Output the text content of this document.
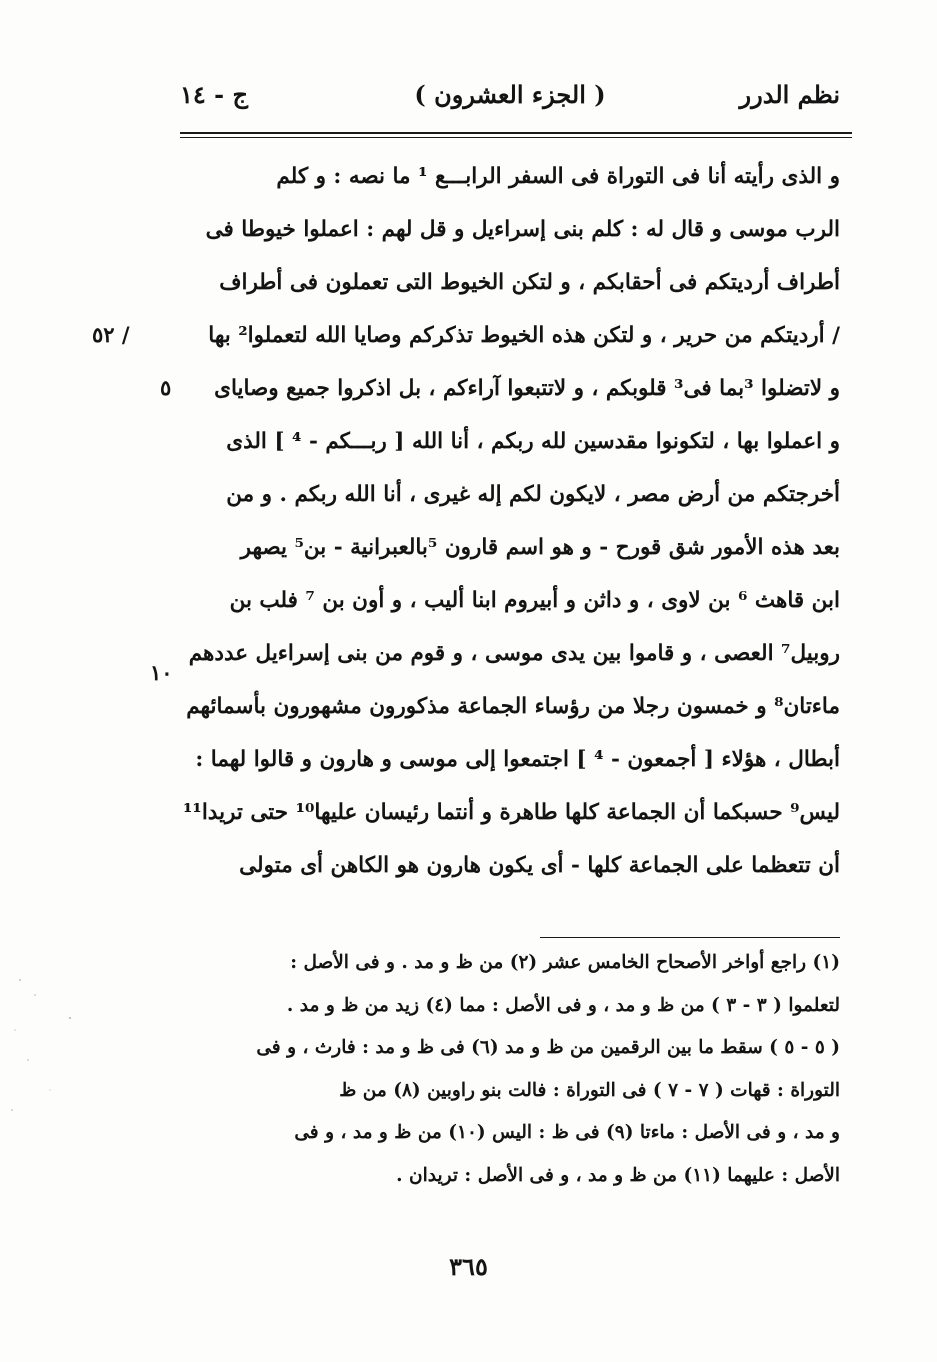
نظم الدرر
( الجزء العشرون )
ج - ١٤
و الذى رأيته أنا فى التوراة فى السفر الرابـــع ¹ ما نصه : و كلم
الرب موسى و قال له : كلم بنى إسراءيل و قل لهم : اعملوا خيوطا فى
أطراف أرديتكم فى أحقابكم ، و لتكن الخيوط التى تعملون فى أطراف
/ أرديتكم من حرير ، و لتكن هذه الخيوط تذكركم وصايا الله لتعملوا² بها
و لاتضلوا ³بما فى³ قلوبكم ، و لاتتبعوا آراءكم ، بل اذكروا جميع وصاياى
و اعملوا بها ، لتكونوا مقدسين لله ربكم ، أنا الله [ ربـــكم - ⁴ ] الذى
أخرجتكم من أرض مصر ، لايكون لكم إله غيرى ، أنا الله ربكم . و من
بعد هذه الأمور شق قورح - و هو اسم قارون ⁵بالعبرانية - بن⁵ يصهر
ابن قاهث ⁶ بن لاوى ، و داثن و أبيروم ابنا أليب ، و أون بن ⁷ فلب بن
روبيل⁷ العصى ، و قاموا بين يدى موسى ، و قوم من بنى إسراءيل عددهم
ماءتان⁸ و خمسون رجلا من رؤساء الجماعة مذكورون مشهورون بأسمائهم
أبطال ، هؤلاء [ أجمعون - ⁴ ] اجتمعوا إلى موسى و هارون و قالوا لهما :
ليس⁹ حسبكما أن الجماعة كلها طاهرة و أنتما رئيسان عليها¹⁰ حتى تريدا¹¹
أن تتعظما على الجماعة كلها - أى يكون هارون هو الكاهن أى متولى
/ ٥٢
٥
١٠
(١) راجع أواخر الأصحاح الخامس عشر (٢) من ظ و مد . و فى الأصل :
لتعلموا ( ٣ - ٣ ) من ظ و مد ، و فى الأصل : مما (٤) زيد من ظ و مد .
( ٥ - ٥ ) سقط ما بين الرقمين من ظ و مد (٦) فى ظ و مد : فارث ، و فى
التوراة : قهات ( ٧ - ٧ ) فى التوراة : فالت بنو راوبين (٨) من ظ
و مد ، و فى الأصل : ماءتا (٩) فى ظ : اليس (١٠) من ظ و مد ، و فى
الأصل : عليهما (١١) من ظ و مد ، و فى الأصل : تريدان .
٣٦٥
